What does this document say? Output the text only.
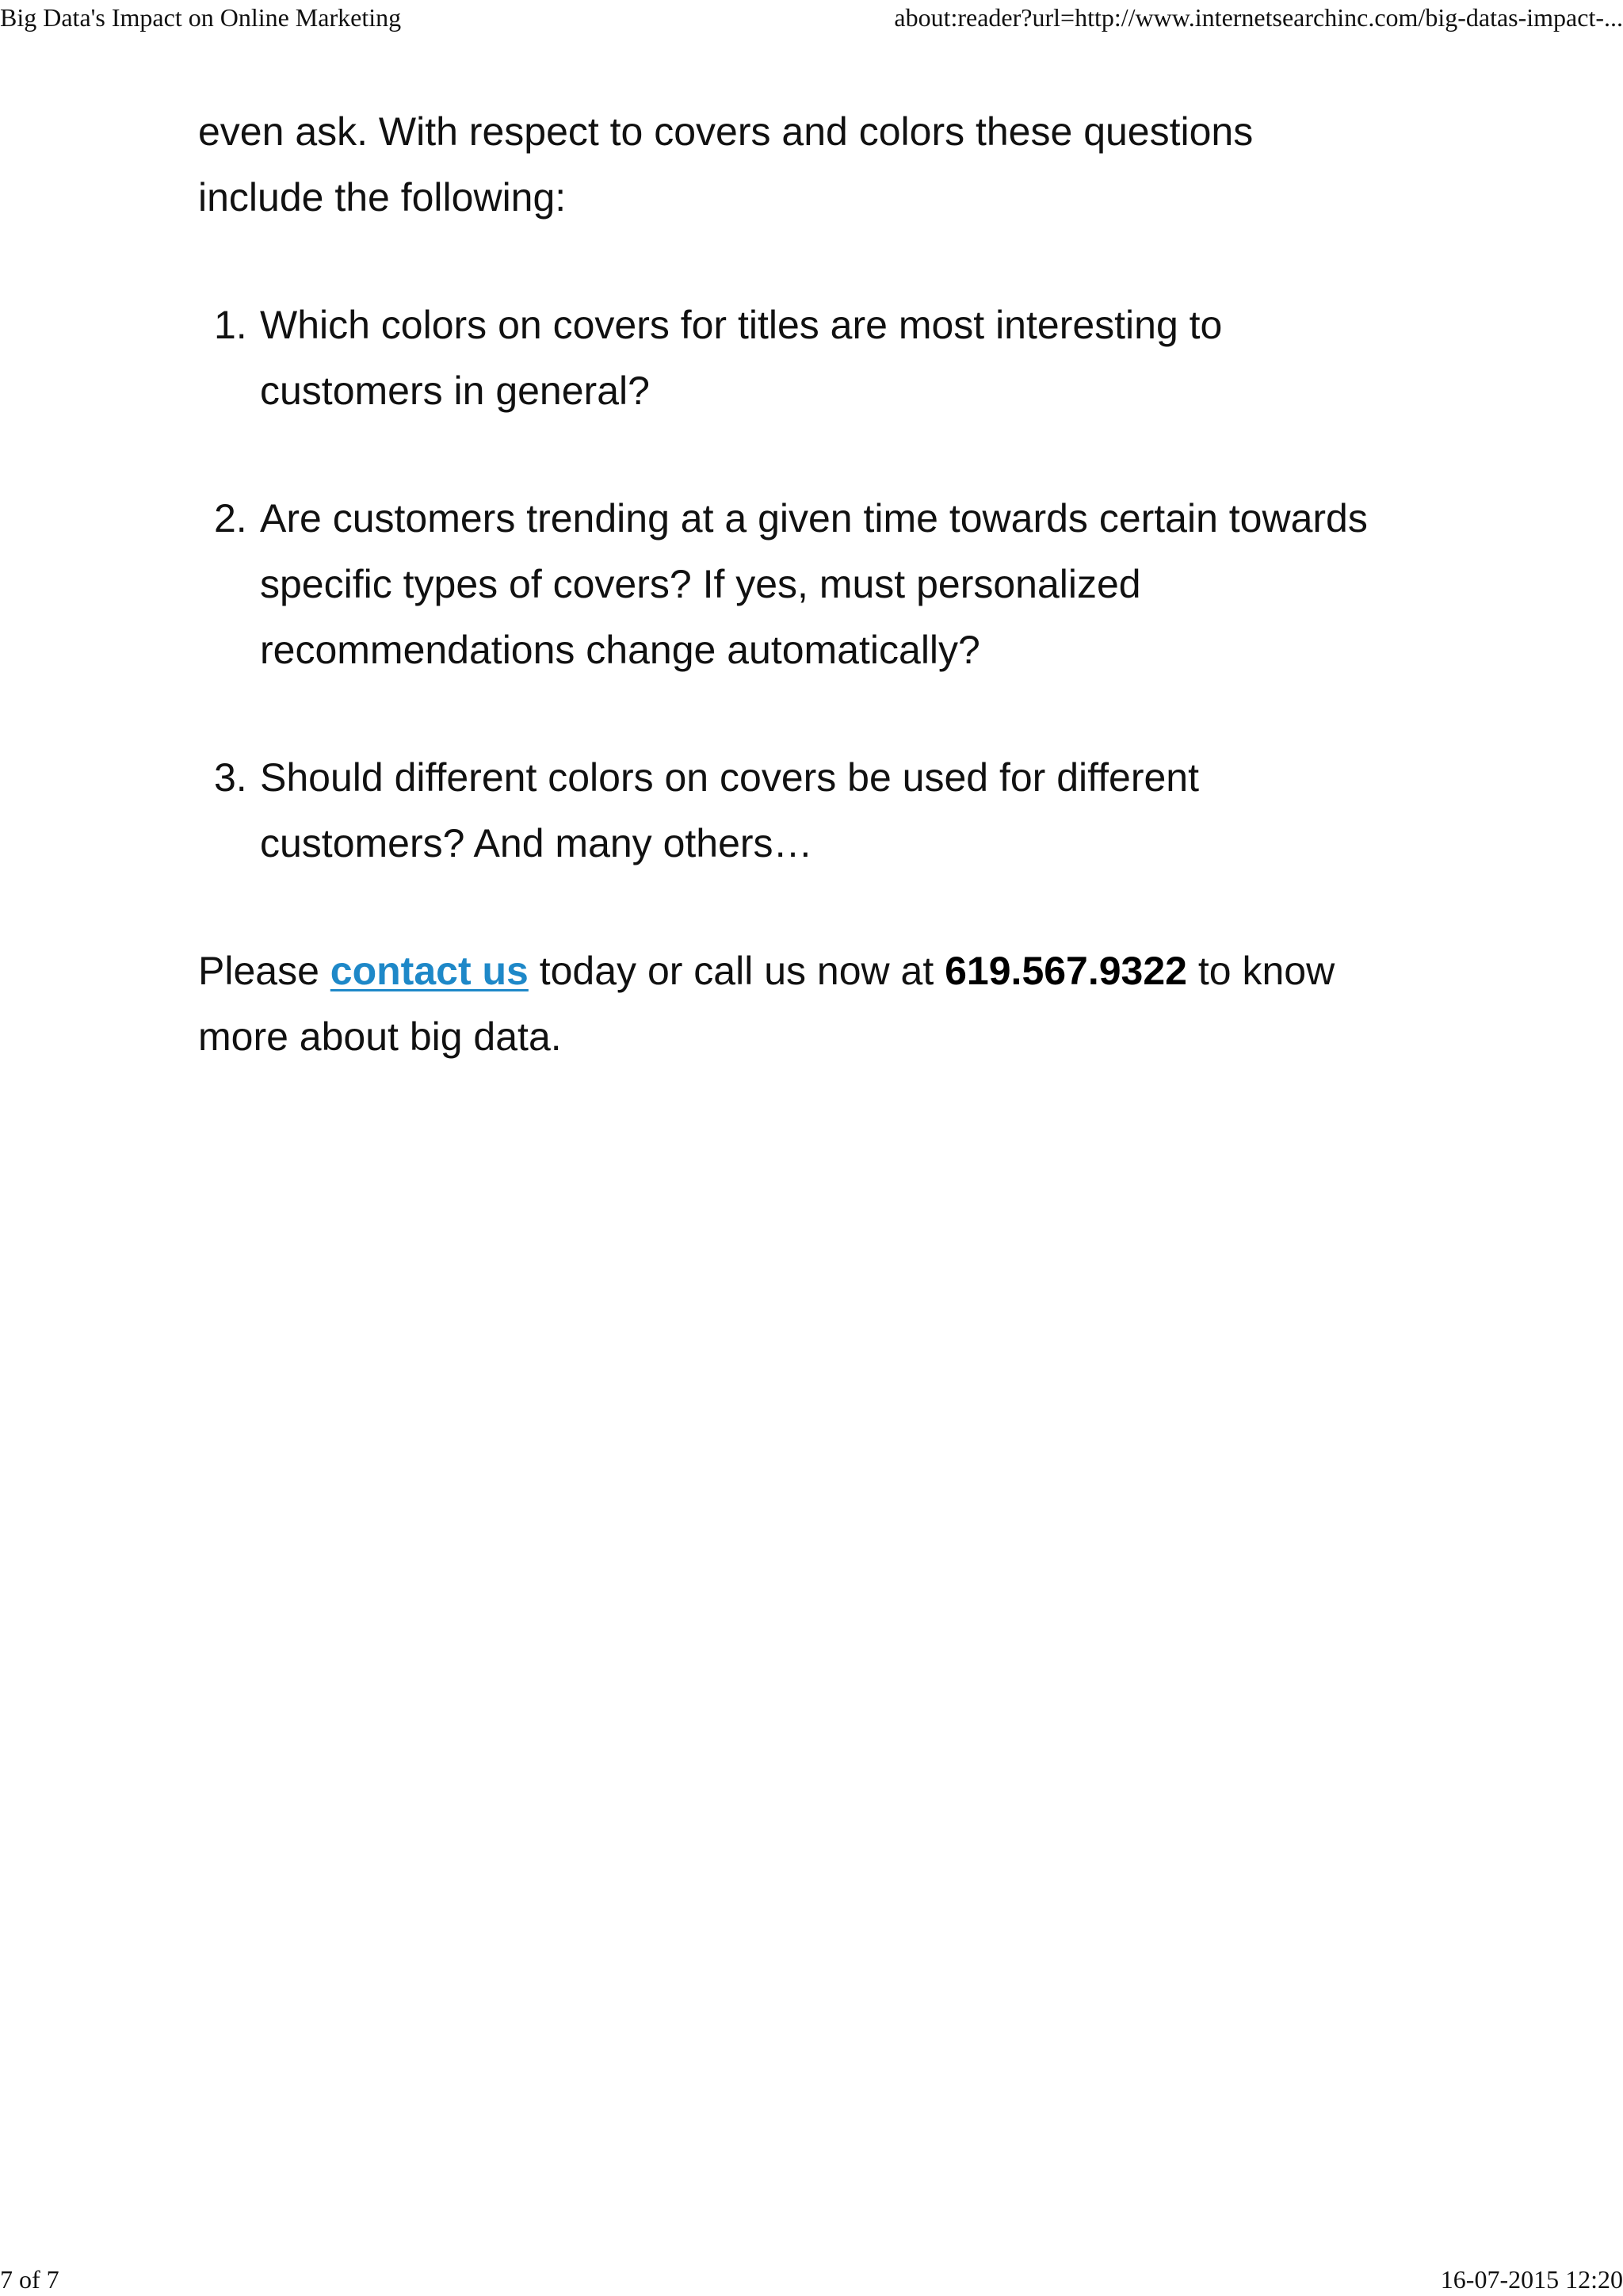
Big Data's Impact on Online Marketing	about:reader?url=http://www.internetsearchinc.com/big-datas-impact-...

even ask. With respect to covers and colors these questions
include the following:

1. Which colors on covers for titles are most interesting to
customers in general?
2. Are customers trending at a given time towards certain towards
specific types of covers? If yes, must personalized
recommendations change automatically?
3. Should different colors on covers be used for different
customers? And many others…

Please contact us today or call us now at 619.567.9322 to know
more about big data.

7 of 7	16-07-2015 12:20
